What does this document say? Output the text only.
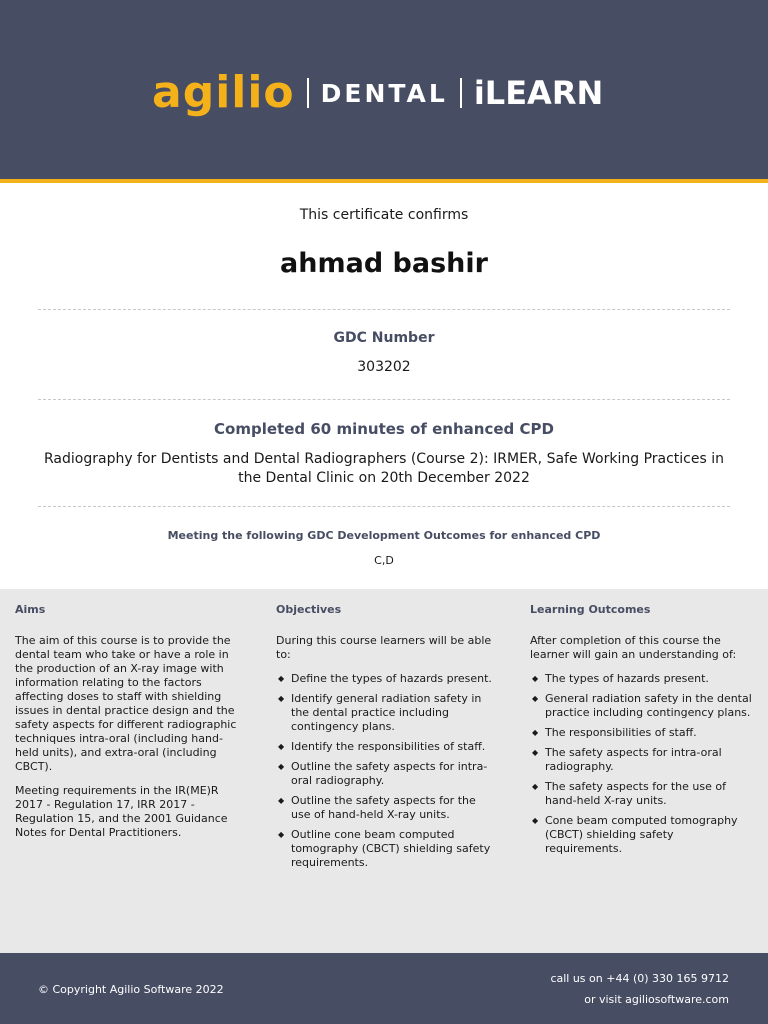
agilio DENTAL iLEARN
This certificate confirms
ahmad bashir
GDC Number
303202
Completed 60 minutes of enhanced CPD
Radiography for Dentists and Dental Radiographers (Course 2): IRMER, Safe Working Practices in the Dental Clinic on 20th December 2022
Meeting the following GDC Development Outcomes for enhanced CPD
C,D
Aims

The aim of this course is to provide the dental team who take or have a role in the production of an X-ray image with information relating to the factors affecting doses to staff with shielding issues in dental practice design and the safety aspects for different radiographic techniques intra-oral (including hand-held units), and extra-oral (including CBCT).

Meeting requirements in the IR(ME)R 2017 - Regulation 17, IRR 2017 - Regulation 15, and the 2001 Guidance Notes for Dental Practitioners.

Objectives

During this course learners will be able to:

◆ Define the types of hazards present.
◆ Identify general radiation safety in the dental practice including contingency plans.
◆ Identify the responsibilities of staff.
◆ Outline the safety aspects for intra-oral radiography.
◆ Outline the safety aspects for the use of hand-held X-ray units.
◆ Outline cone beam computed tomography (CBCT) shielding safety requirements.
Learning Outcomes

After completion of this course the learner will gain an understanding of:

◆ The types of hazards present.
◆ General radiation safety in the dental practice including contingency plans.
◆ The responsibilities of staff.
◆ The safety aspects for intra-oral radiography.
◆ The safety aspects for the use of hand-held X-ray units.
◆ Cone beam computed tomography (CBCT) shielding safety requirements.
© Copyright Agilio Software 2022
call us on +44 (0) 330 165 9712
or visit agiliosoftware.com
